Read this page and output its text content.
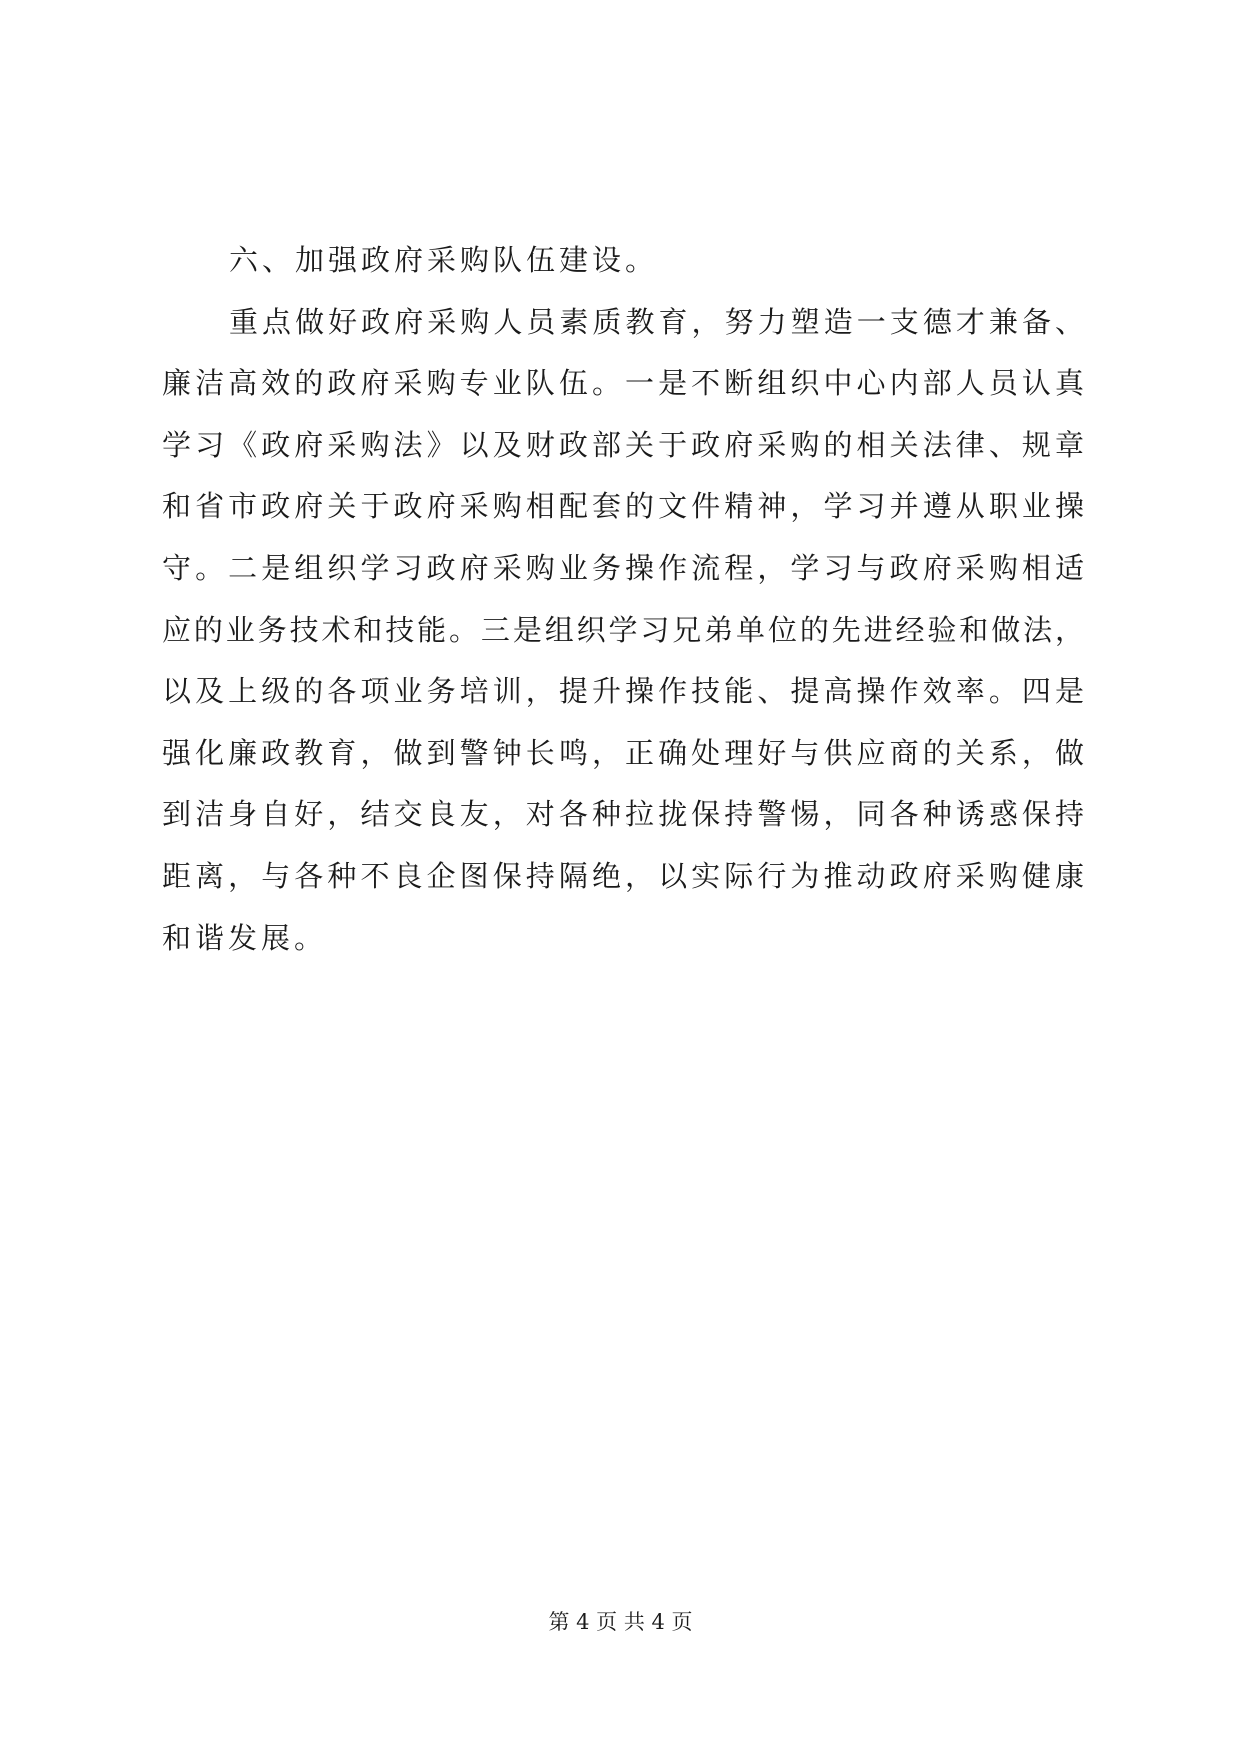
六、加强政府采购队伍建设。
重点做好政府采购人员素质教育，努力塑造一支德才兼备、
廉洁高效的政府采购专业队伍。一是不断组织中心内部人员认真
学习《政府采购法》以及财政部关于政府采购的相关法律、规章
和省市政府关于政府采购相配套的文件精神，学习并遵从职业操
守。二是组织学习政府采购业务操作流程，学习与政府采购相适
应的业务技术和技能。三是组织学习兄弟单位的先进经验和做法，
以及上级的各项业务培训，提升操作技能、提高操作效率。四是
强化廉政教育，做到警钟长鸣，正确处理好与供应商的关系，做
到洁身自好，结交良友，对各种拉拢保持警惕，同各种诱惑保持
距离，与各种不良企图保持隔绝，以实际行为推动政府采购健康
和谐发展。
第 4 页 共 4 页
